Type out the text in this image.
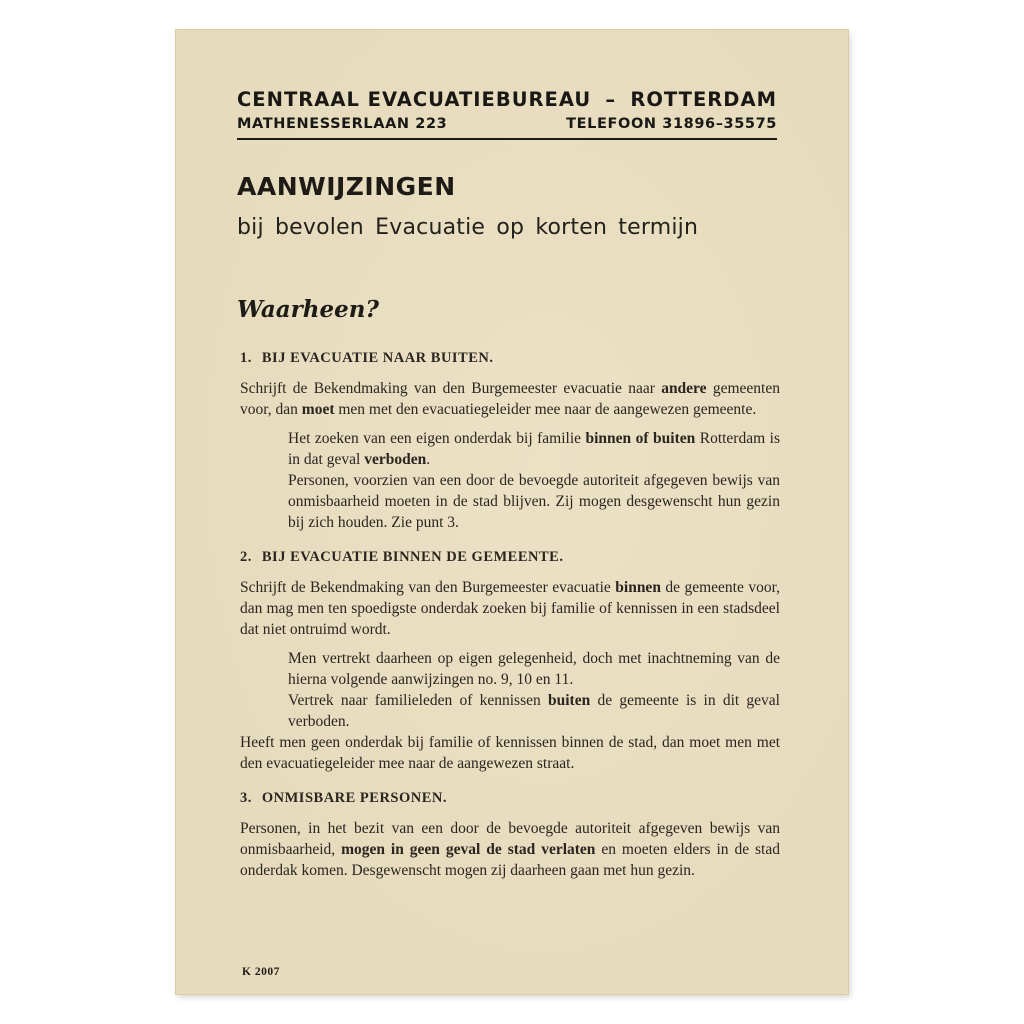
CENTRAAL EVACUATIEBUREAU – ROTTERDAM
MATHENESSERLAAN 223	TELEFOON 31896–35575
AANWIJZINGEN
bij bevolen Evacuatie op korten termijn
Waarheen?
1. BIJ EVACUATIE NAAR BUITEN.

Schrijft de Bekendmaking van den Burgemeester evacuatie naar andere gemeenten voor, dan moet men met den evacuatiegeleider mee naar de aangewezen gemeente.

Het zoeken van een eigen onderdak bij familie binnen of buiten Rotterdam is in dat geval verboden.

Personen, voorzien van een door de bevoegde autoriteit afgegeven bewijs van onmisbaarheid moeten in de stad blijven. Zij mogen desgewenscht hun gezin bij zich houden. Zie punt 3.

2. BIJ EVACUATIE BINNEN DE GEMEENTE.

Schrijft de Bekendmaking van den Burgemeester evacuatie binnen de gemeente voor, dan mag men ten spoedigste onderdak zoeken bij familie of kennissen in een stadsdeel dat niet ontruimd wordt.

Men vertrekt daarheen op eigen gelegenheid, doch met inachtneming van de hierna volgende aanwijzingen no. 9, 10 en 11.

Vertrek naar familieleden of kennissen buiten de gemeente is in dit geval verboden.

Heeft men geen onderdak bij familie of kennissen binnen de stad, dan moet men met den evacuatiegeleider mee naar de aangewezen straat.

3. ONMISBARE PERSONEN.

Personen, in het bezit van een door de bevoegde autoriteit afgegeven bewijs van onmisbaarheid, mogen in geen geval de stad verlaten en moeten elders in de stad onderdak komen. Desgewenscht mogen zij daarheen gaan met hun gezin.

K 2007
